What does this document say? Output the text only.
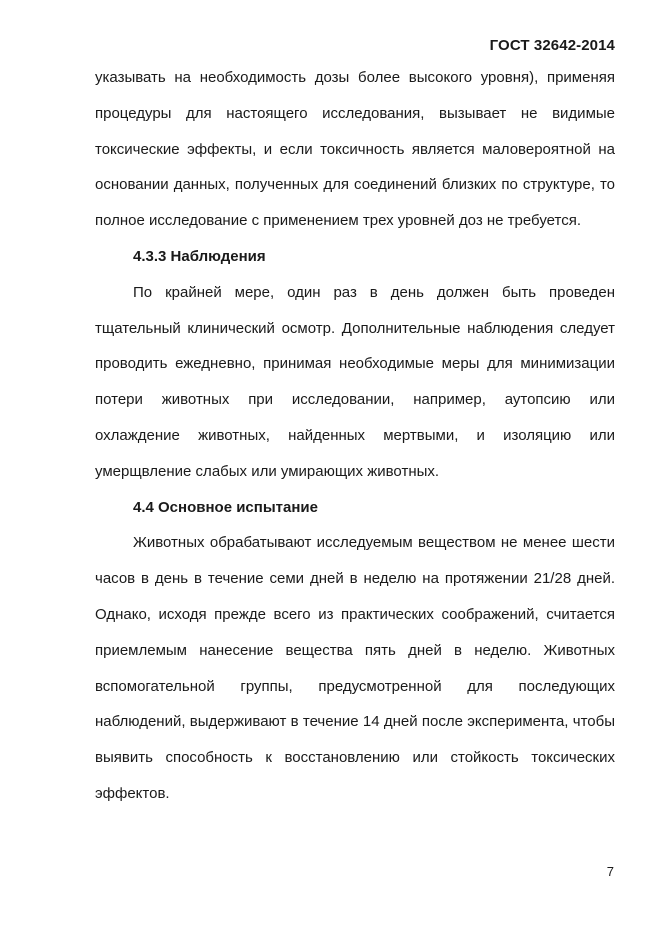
ГОСТ 32642-2014

указывать на необходимость дозы более высокого уровня), применяя процедуры для настоящего исследования, вызывает не видимые токсические эффекты, и если токсичность является маловероятной на основании данных, полученных для соединений близких по структуре, то полное исследование с применением трех уровней доз не требуется.

4.3.3 Наблюдения

По крайней мере, один раз в день должен быть проведен тщательный клинический осмотр. Дополнительные наблюдения следует проводить ежедневно, принимая необходимые меры для минимизации потери животных при исследовании, например, аутопсию или охлаждение животных, найденных мертвыми, и изоляцию или умерщвление слабых или умирающих животных.

4.4 Основное испытание

Животных обрабатывают исследуемым веществом не менее шести часов в день в течение семи дней в неделю на протяжении 21/28 дней. Однако, исходя прежде всего из практических соображений, считается приемлемым нанесение вещества пять дней в неделю. Животных вспомогательной группы, предусмотренной для последующих наблюдений, выдерживают в течение 14 дней после эксперимента, чтобы выявить способность к восстановлению или стойкость токсических эффектов.

7
